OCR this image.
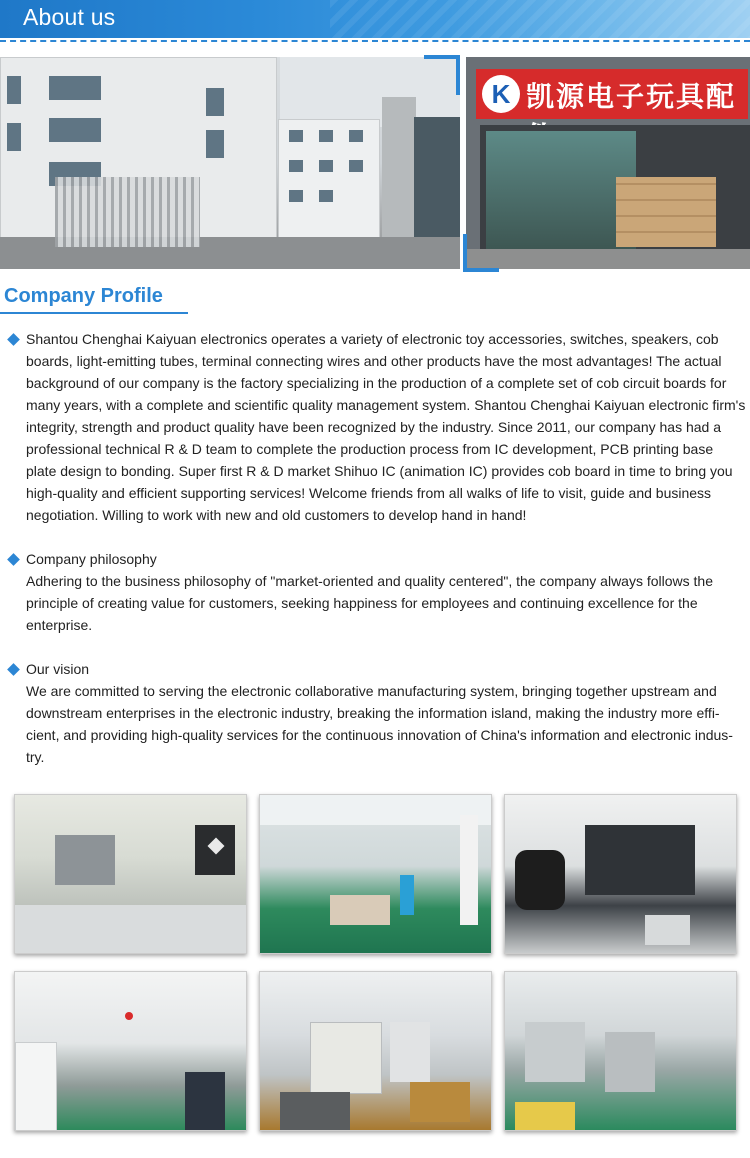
About us
K 凯源电子玩具配
Company Profile

Shantou Chenghai Kaiyuan electronics operates a variety of electronic toy accessories, switches, speakers, cob boards, light-emitting tubes, terminal connecting wires and other products have the most advantages! The actual background of our company is the factory specializing in the production of a complete set of cob circuit boards for many years, with a complete and scientific quality management system. Shantou Chenghai Kaiyuan electronic firm's integrity, strength and product quality have been recognized by the industry. Since 2011, our company has had a professional technical R & D team to complete the production process from IC development, PCB printing base plate design to bonding. Super first R & D market Shihuo IC (animation IC) provides cob board in time to bring you high-quality and efficient supporting services! Welcome friends from all walks of life to visit, guide and business negotiation. Willing to work with new and old customers to develop hand in hand!

Company philosophy

Adhering to the business philosophy of "market-oriented and quality centered", the company always follows the principle of creating value for customers, seeking happiness for employees and continuing excellence for the enterprise.

Our vision

We are committed to serving the electronic collaborative manufacturing system, bringing together upstream and downstream enterprises in the electronic industry, breaking the information island, making the industry more effi- cient, and providing high-quality services for the continuous innovation of China's information and electronic indus- try.
